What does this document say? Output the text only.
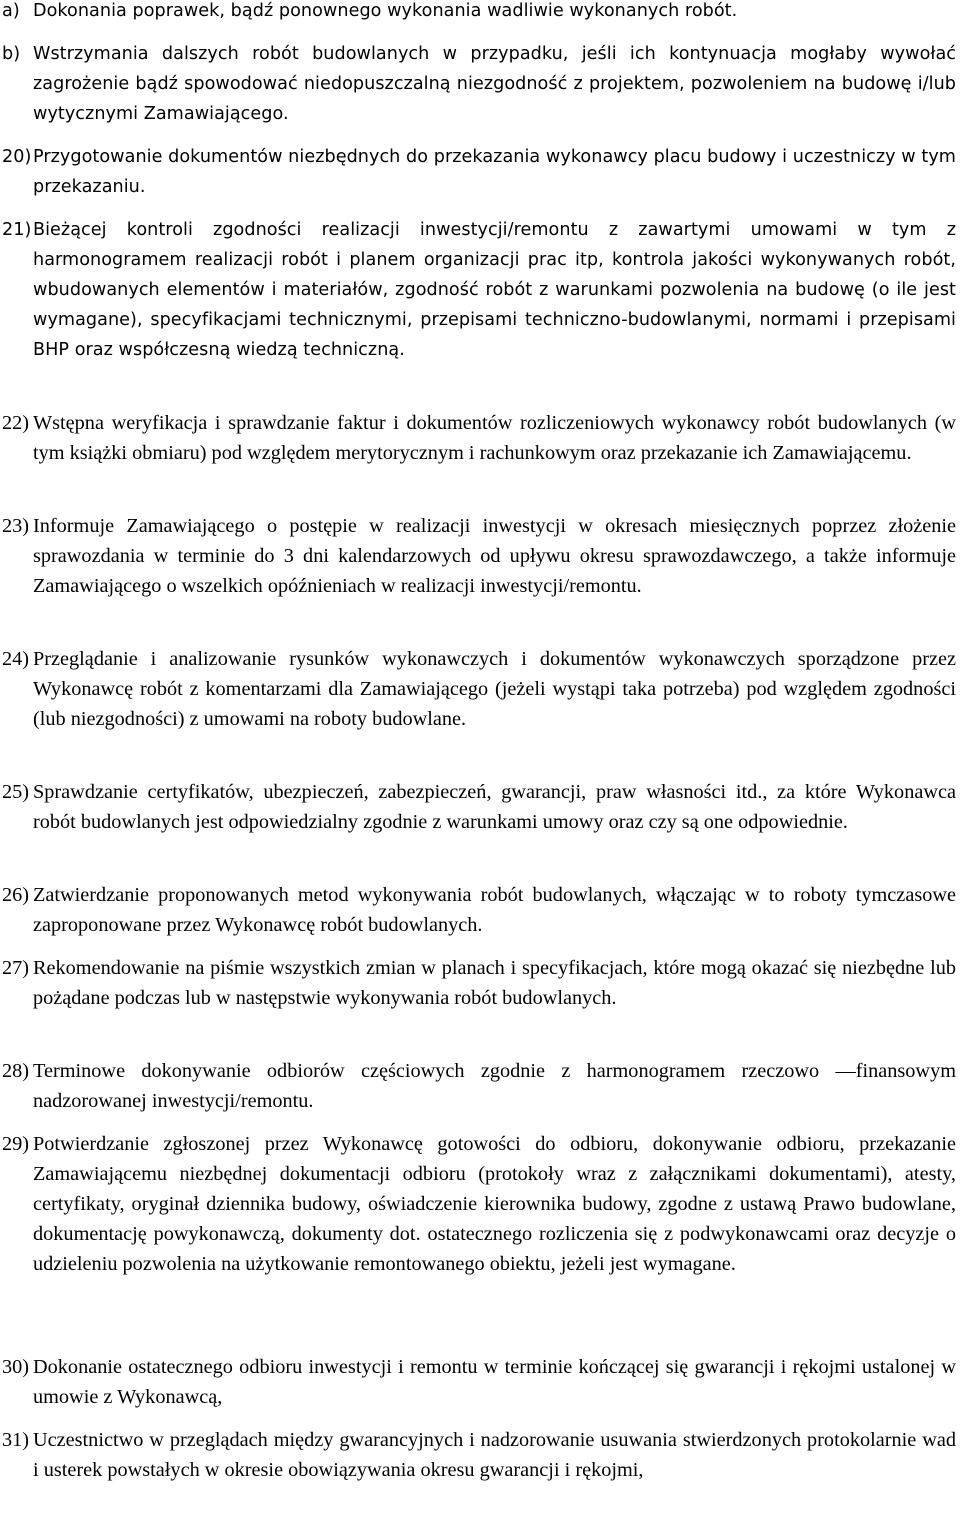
a) Dokonania poprawek, bądź ponownego wykonania wadliwie wykonanych robót.
b) Wstrzymania dalszych robót budowlanych w przypadku, jeśli ich kontynuacja mogłaby wywołać zagrożenie bądź spowodować niedopuszczalną niezgodność z projektem, pozwoleniem na budowę i/lub wytycznymi Zamawiającego.
20) Przygotowanie dokumentów niezbędnych do przekazania wykonawcy placu budowy i uczestniczy w tym przekazaniu.
21) Bieżącej kontroli zgodności realizacji inwestycji/remontu z zawartymi umowami w tym z harmonogramem realizacji robót i planem organizacji prac itp, kontrola jakości wykonywanych robót, wbudowanych elementów i materiałów, zgodność robót z warunkami pozwolenia na budowę (o ile jest wymagane), specyfikacjami technicznymi, przepisami techniczno-budowlanymi, normami i przepisami BHP oraz współczesną wiedzą techniczną.
22) Wstępna weryfikacja i sprawdzanie faktur i dokumentów rozliczeniowych wykonawcy robót budowlanych (w tym książki obmiaru) pod względem merytorycznym i rachunkowym oraz przekazanie ich Zamawiającemu.
23) Informuje Zamawiającego o postępie w realizacji inwestycji w okresach miesięcznych poprzez złożenie sprawozdania w terminie do 3 dni kalendarzowych od upływu okresu sprawozdawczego, a także informuje Zamawiającego o wszelkich opóźnieniach w realizacji inwestycji/remontu.
24) Przeglądanie i analizowanie rysunków wykonawczych i dokumentów wykonawczych sporządzone przez Wykonawcę robót z komentarzami dla Zamawiającego (jeżeli wystąpi taka potrzeba) pod względem zgodności (lub niezgodności) z umowami na roboty budowlane.
25) Sprawdzanie certyfikatów, ubezpieczeń, zabezpieczeń, gwarancji, praw własności itd., za które Wykonawca robót budowlanych jest odpowiedzialny zgodnie z warunkami umowy oraz czy są one odpowiednie.
26) Zatwierdzanie proponowanych metod wykonywania robót budowlanych, włączając w to roboty tymczasowe zaproponowane przez Wykonawcę robót budowlanych.
27) Rekomendowanie na piśmie wszystkich zmian w planach i specyfikacjach, które mogą okazać się niezbędne lub pożądane podczas lub w następstwie wykonywania robót budowlanych.
28) Terminowe dokonywanie odbiorów częściowych zgodnie z harmonogramem rzeczowo —finansowym nadzorowanej inwestycji/remontu.
29) Potwierdzanie zgłoszonej przez Wykonawcę gotowości do odbioru, dokonywanie odbioru, przekazanie Zamawiającemu niezbędnej dokumentacji odbioru (protokoły wraz z załącznikami dokumentami), atesty, certyfikaty, oryginał dziennika budowy, oświadczenie kierownika budowy, zgodne z ustawą Prawo budowlane, dokumentację powykonawczą, dokumenty dot. ostatecznego rozliczenia się z podwykonawcami oraz decyzje o udzieleniu pozwolenia na użytkowanie remontowanego obiektu, jeżeli jest wymagane.
30) Dokonanie ostatecznego odbioru inwestycji i remontu w terminie kończącej się gwarancji i rękojmi ustalonej w umowie z Wykonawcą,
31) Uczestnictwo w przeglądach między gwarancyjnych i nadzorowanie usuwania stwierdzonych protokolarnie wad i usterek powstałych w okresie obowiązywania okresu gwarancji i rękojmi,
